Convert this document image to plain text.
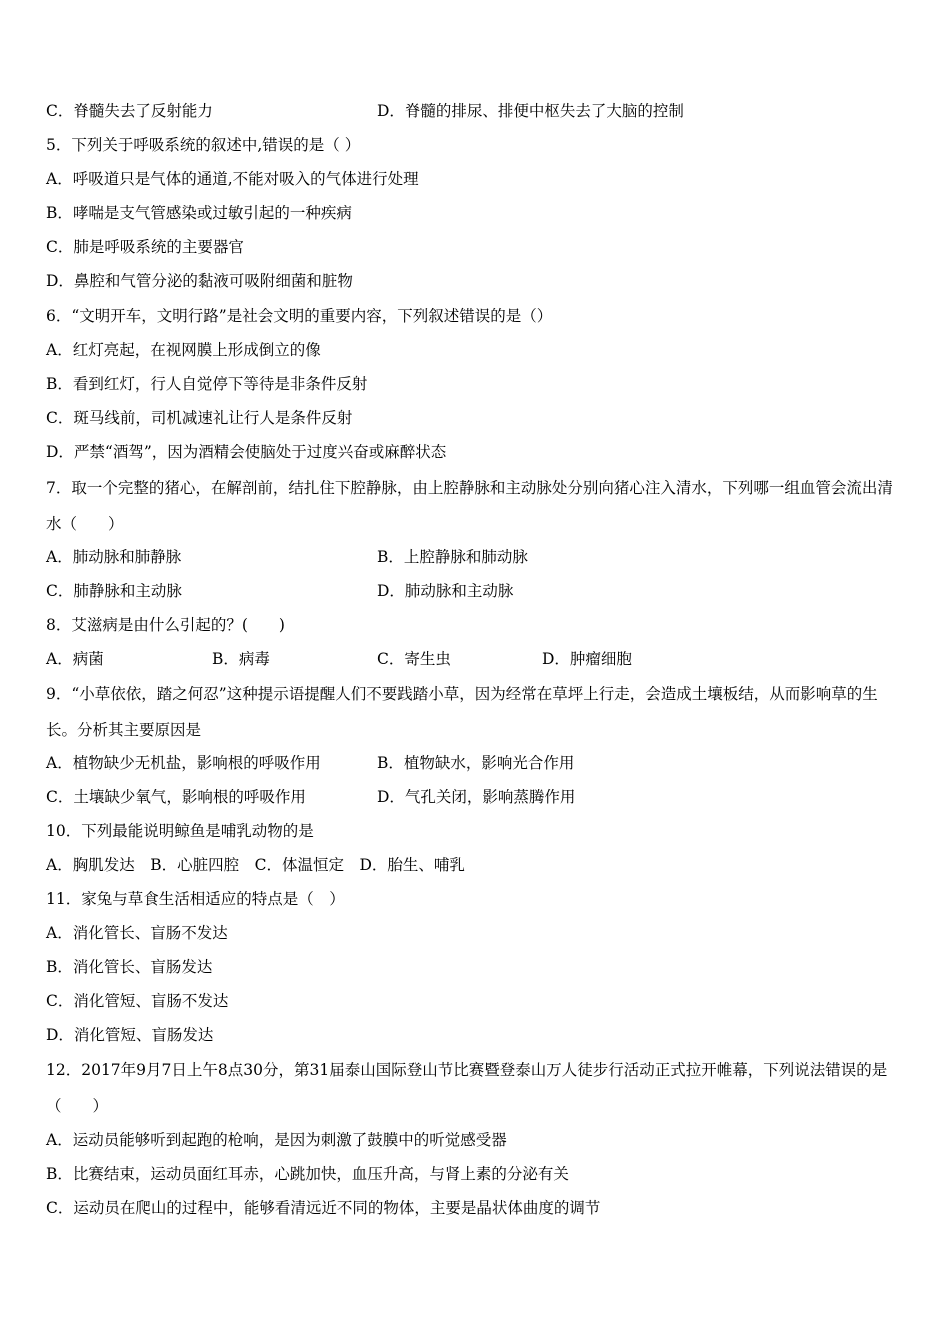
C．脊髓失去了反射能力	D．脊髓的排尿、排便中枢失去了大脑的控制
5．下列关于呼吸系统的叙述中,错误的是（ ）
A．呼吸道只是气体的通道,不能对吸入的气体进行处理
B．哮喘是支气管感染或过敏引起的一种疾病
C．肺是呼吸系统的主要器官
D．鼻腔和气管分泌的黏液可吸附细菌和脏物
6．“文明开车，文明行路”是社会文明的重要内容，下列叙述错误的是（）
A．红灯亮起，在视网膜上形成倒立的像
B．看到红灯，行人自觉停下等待是非条件反射
C．斑马线前，司机减速礼让行人是条件反射
D．严禁“酒驾”，因为酒精会使脑处于过度兴奋或麻醉状态
7．取一个完整的猪心，在解剖前，结扎住下腔静脉，由上腔静脉和主动脉处分别向猪心注入清水，下列哪一组血管会流出清水（　　）
A．肺动脉和肺静脉	B．上腔静脉和肺动脉
C．肺静脉和主动脉	D．肺动脉和主动脉
8．艾滋病是由什么引起的？(　　)
A．病菌	B．病毒	C．寄生虫	D．肿瘤细胞
9．“小草依依，踏之何忍”这种提示语提醒人们不要践踏小草，因为经常在草坪上行走，会造成土壤板结，从而影响草的生长。分析其主要原因是
A．植物缺少无机盐，影响根的呼吸作用	B．植物缺水，影响光合作用
C．土壤缺少氧气，影响根的呼吸作用	D．气孔关闭，影响蒸腾作用
10．下列最能说明鲸鱼是哺乳动物的是
A．胸肌发达　B．心脏四腔　C．体温恒定　D．胎生、哺乳
11．家兔与草食生活相适应的特点是（　）
A．消化管长、盲肠不发达
B．消化管长、盲肠发达
C．消化管短、盲肠不发达
D．消化管短、盲肠发达
12．2017年9月7日上午8点30分，第31届泰山国际登山节比赛暨登泰山万人徒步行活动正式拉开帷幕，下列说法错误的是（　　）
A．运动员能够听到起跑的枪响，是因为刺激了鼓膜中的听觉感受器
B．比赛结束，运动员面红耳赤，心跳加快，血压升高，与肾上素的分泌有关
C．运动员在爬山的过程中，能够看清远近不同的物体，主要是晶状体曲度的调节
